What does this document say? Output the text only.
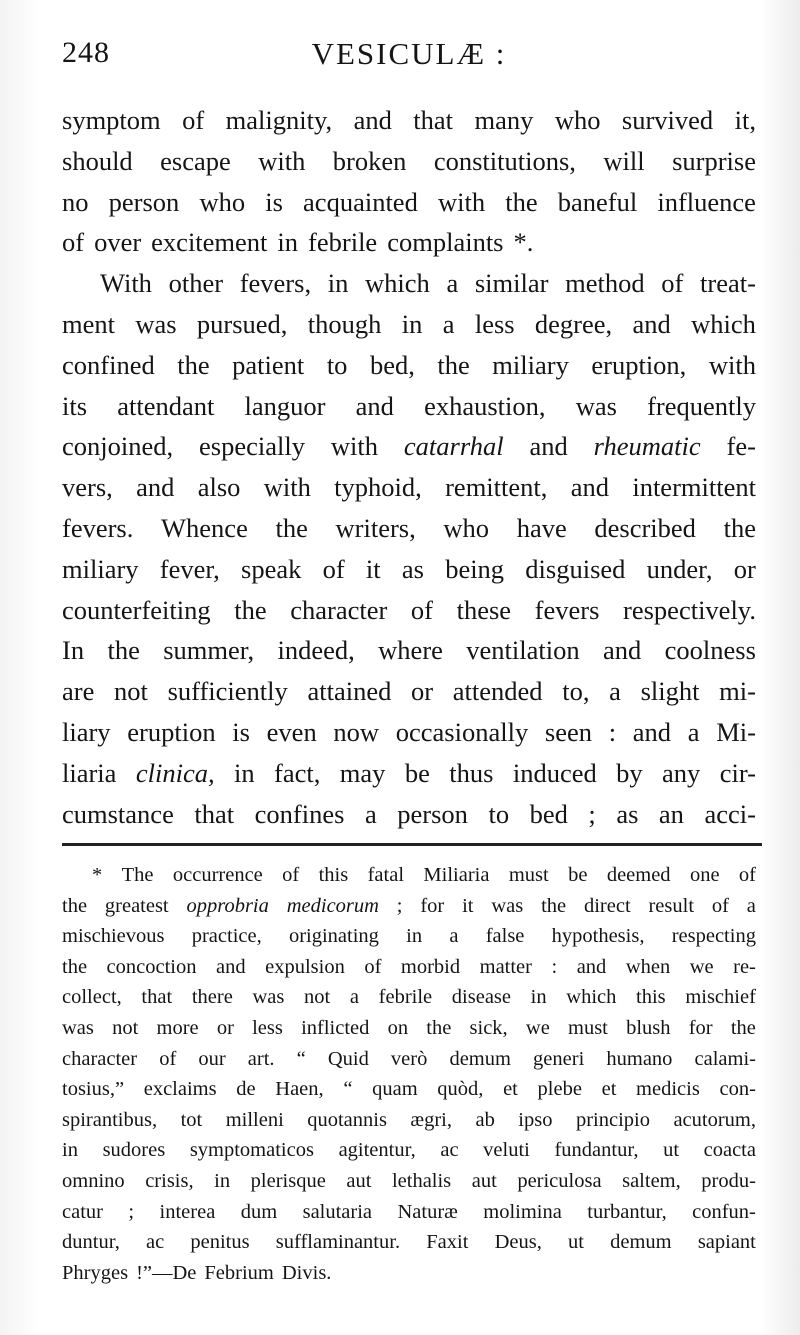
248	VESICULÆ :
symptom of malignity, and that many who survived it,
should escape with broken constitutions, will surprise
no person who is acquainted with the baneful influence
of over excitement in febrile complaints *.
With other fevers, in which a similar method of treat-
ment was pursued, though in a less degree, and which
confined the patient to bed, the miliary eruption, with
its attendant languor and exhaustion, was frequently
conjoined, especially with catarrhal and rheumatic fe-
vers, and also with typhoid, remittent, and intermittent
fevers. Whence the writers, who have described the
miliary fever, speak of it as being disguised under, or
counterfeiting the character of these fevers respectively.
In the summer, indeed, where ventilation and coolness
are not sufficiently attained or attended to, a slight mi-
liary eruption is even now occasionally seen : and a Mi-
liaria clinica, in fact, may be thus induced by any cir-
cumstance that confines a person to bed ; as an acci-
* The occurrence of this fatal Miliaria must be deemed one of
the greatest opprobria medicorum ; for it was the direct result of a
mischievous practice, originating in a false hypothesis, respecting
the concoction and expulsion of morbid matter : and when we re-
collect, that there was not a febrile disease in which this mischief
was not more or less inflicted on the sick, we must blush for the
character of our art. “ Quid verò demum generi humano calami-
tosius,” exclaims de Haen, “ quam quòd, et plebe et medicis con-
spirantibus, tot milleni quotannis ægri, ab ipso principio acutorum,
in sudores symptomaticos agitentur, ac veluti fundantur, ut coacta
omnino crisis, in plerisque aut lethalis aut periculosa saltem, produ-
catur ; interea dum salutaria Naturæ molimina turbantur, confun-
duntur, ac penitus sufflaminantur. Faxit Deus, ut demum sapiant
Phryges !”—De Febrium Divis.
